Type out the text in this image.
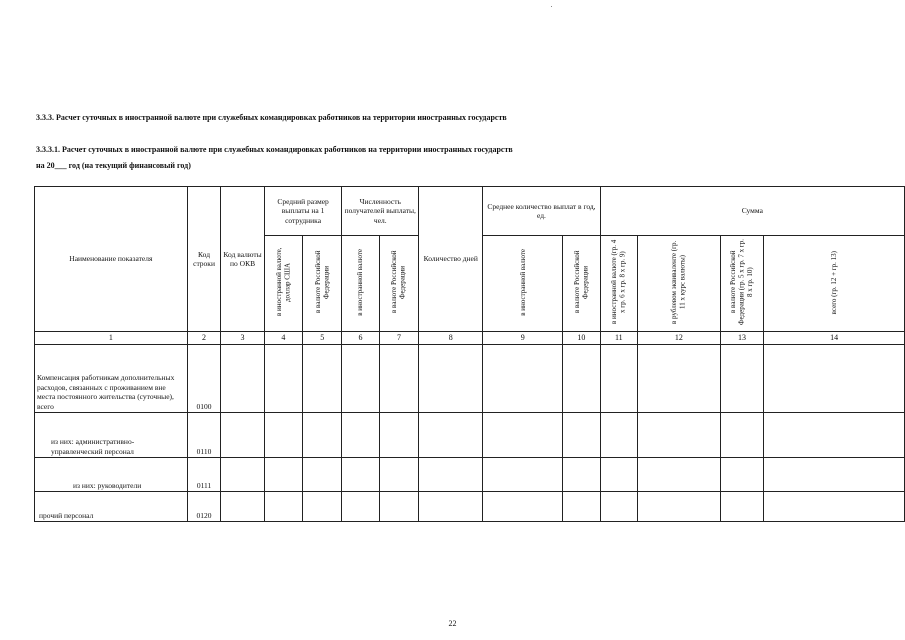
3.3.3. Расчет суточных в иностранной валюте при служебных командировках работников на территории иностранных государств
3.3.3.1. Расчет суточных в иностранной валюте при служебных командировках работников на территории иностранных государств
на 20___ год (на текущий финансовый год)
Наименование показателя	Код строки	Код валюты по ОКВ	Средний размер выплаты на 1 сотрудника		Численность получателей выплаты, чел.		Количество дней	Среднее количество выплат в год, ед.		Сумма			
			в иностранной валюте, доллар США	в валюте Российской Федерации	в иностранной валюте	в валюте Российской Федерации		в иностранной валюте	в валюте Российской Федерации	в иностранной валюте (гр. 4 x гр. 6 x гр. 8 x гр. 9)	в рублевом эквиваленте (гр. 11 x курс валюты)	в валюте Российской Федерации (гр. 5 x гр. 7 x гр. 8 x гр. 10)	всего (гр. 12 + гр. 13)
1	2	3	4	5	6	7	8	9	10	11	12	13	14
Компенсация работникам дополнительных расходов, связанных с проживанием вне места постоянного жительства (суточные), всего	0100												
из них: административно-управленческий персонал	0110												
из них: руководители	0111												
прочий персонал	0120												
22
